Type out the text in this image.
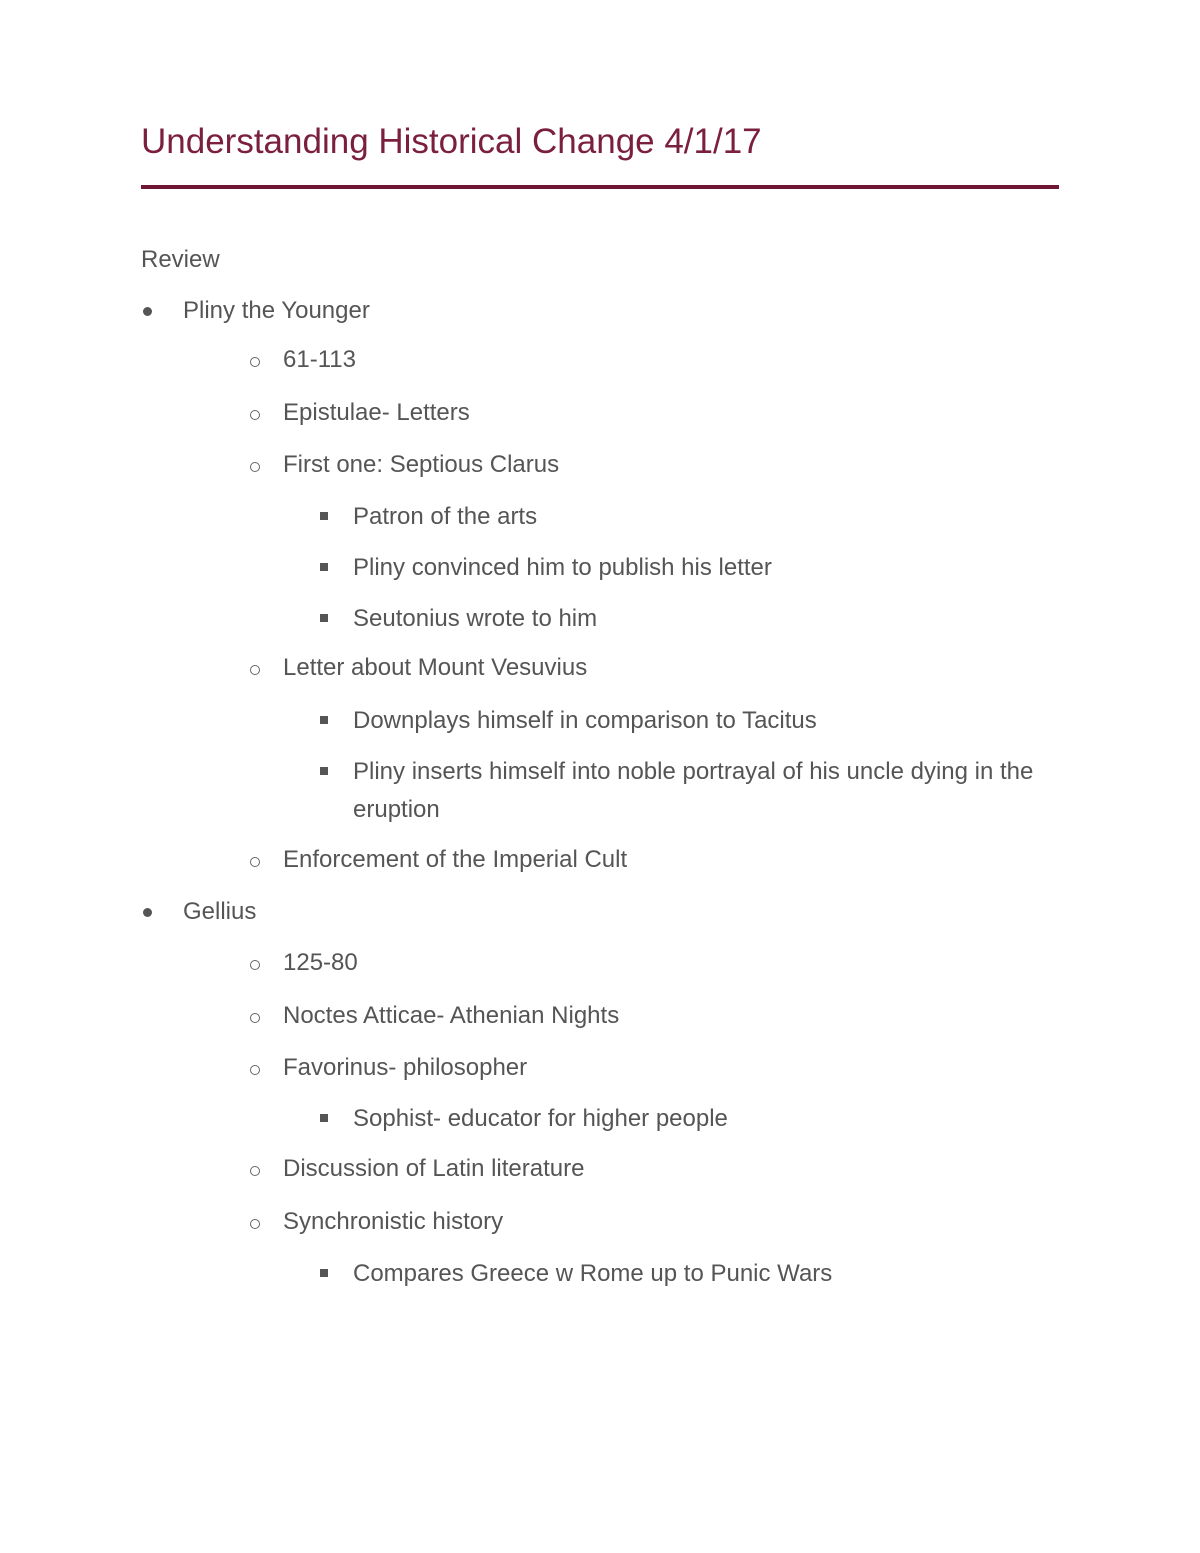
Understanding Historical Change 4/1/17
Review
Pliny the Younger
61-113
Epistulae- Letters
First one: Septious Clarus
Patron of the arts
Pliny convinced him to publish his letter
Seutonius wrote to him
Letter about Mount Vesuvius
Downplays himself in comparison to Tacitus
Pliny inserts himself into noble portrayal of his uncle dying in the eruption
Enforcement of the Imperial Cult
Gellius
125-80
Noctes Atticae- Athenian Nights
Favorinus- philosopher
Sophist- educator for higher people
Discussion of Latin literature
Synchronistic history
Compares Greece w Rome up to Punic Wars
